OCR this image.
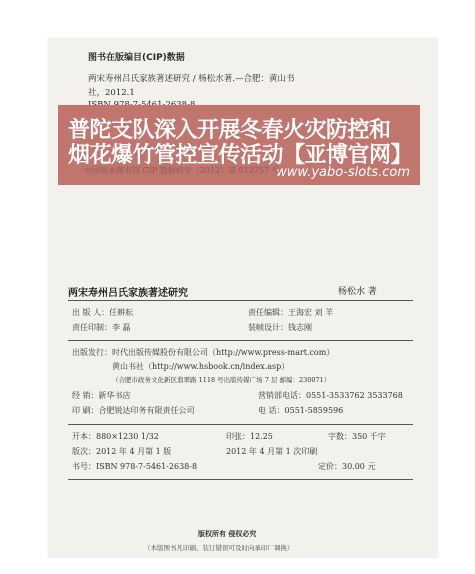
图书在版编目(CIP)数据
两宋寿州吕氏家族著述研究 / 杨松水著.—合肥：黄山书
社，2012.1
普陀支队深入开展冬春火灾防控和
烟花爆竹管控宣传活动【亚博官网】
www.yabo-slots.com
中国版本图书馆 CIP 数据核字（2012）第 012757 号
两宋寿州吕氏家族著述研究	杨松水 著
出 版 人：任耕耘	责任编辑：王海宏 刘 羊
责任印制：李 磊	装帧设计：钱志刚
出版发行：时代出版传媒股份有限公司（http://www.press-mart.com）
黄山书社（http://www.hsbook.cn/index.asp）
（合肥市政务文化新区翡翠路 1118 号出版传媒广场 7 层 邮编：230071）
经 销：新华书店	营销部电话：0551-3533762 3533768
印 刷：合肥锐达印务有限责任公司	电 话：0551-5859596
开本：880×1230 1/32	印张：12.25	字数：350 千字
版次：2012 年 4 月第 1 版	2012 年 4 月第 1 次印刷
书号：ISBN 978-7-5461-2638-8	定价：30.00 元
版权所有 侵权必究
（本版图书凡印刷、装订错误可及时向承印厂调换）
